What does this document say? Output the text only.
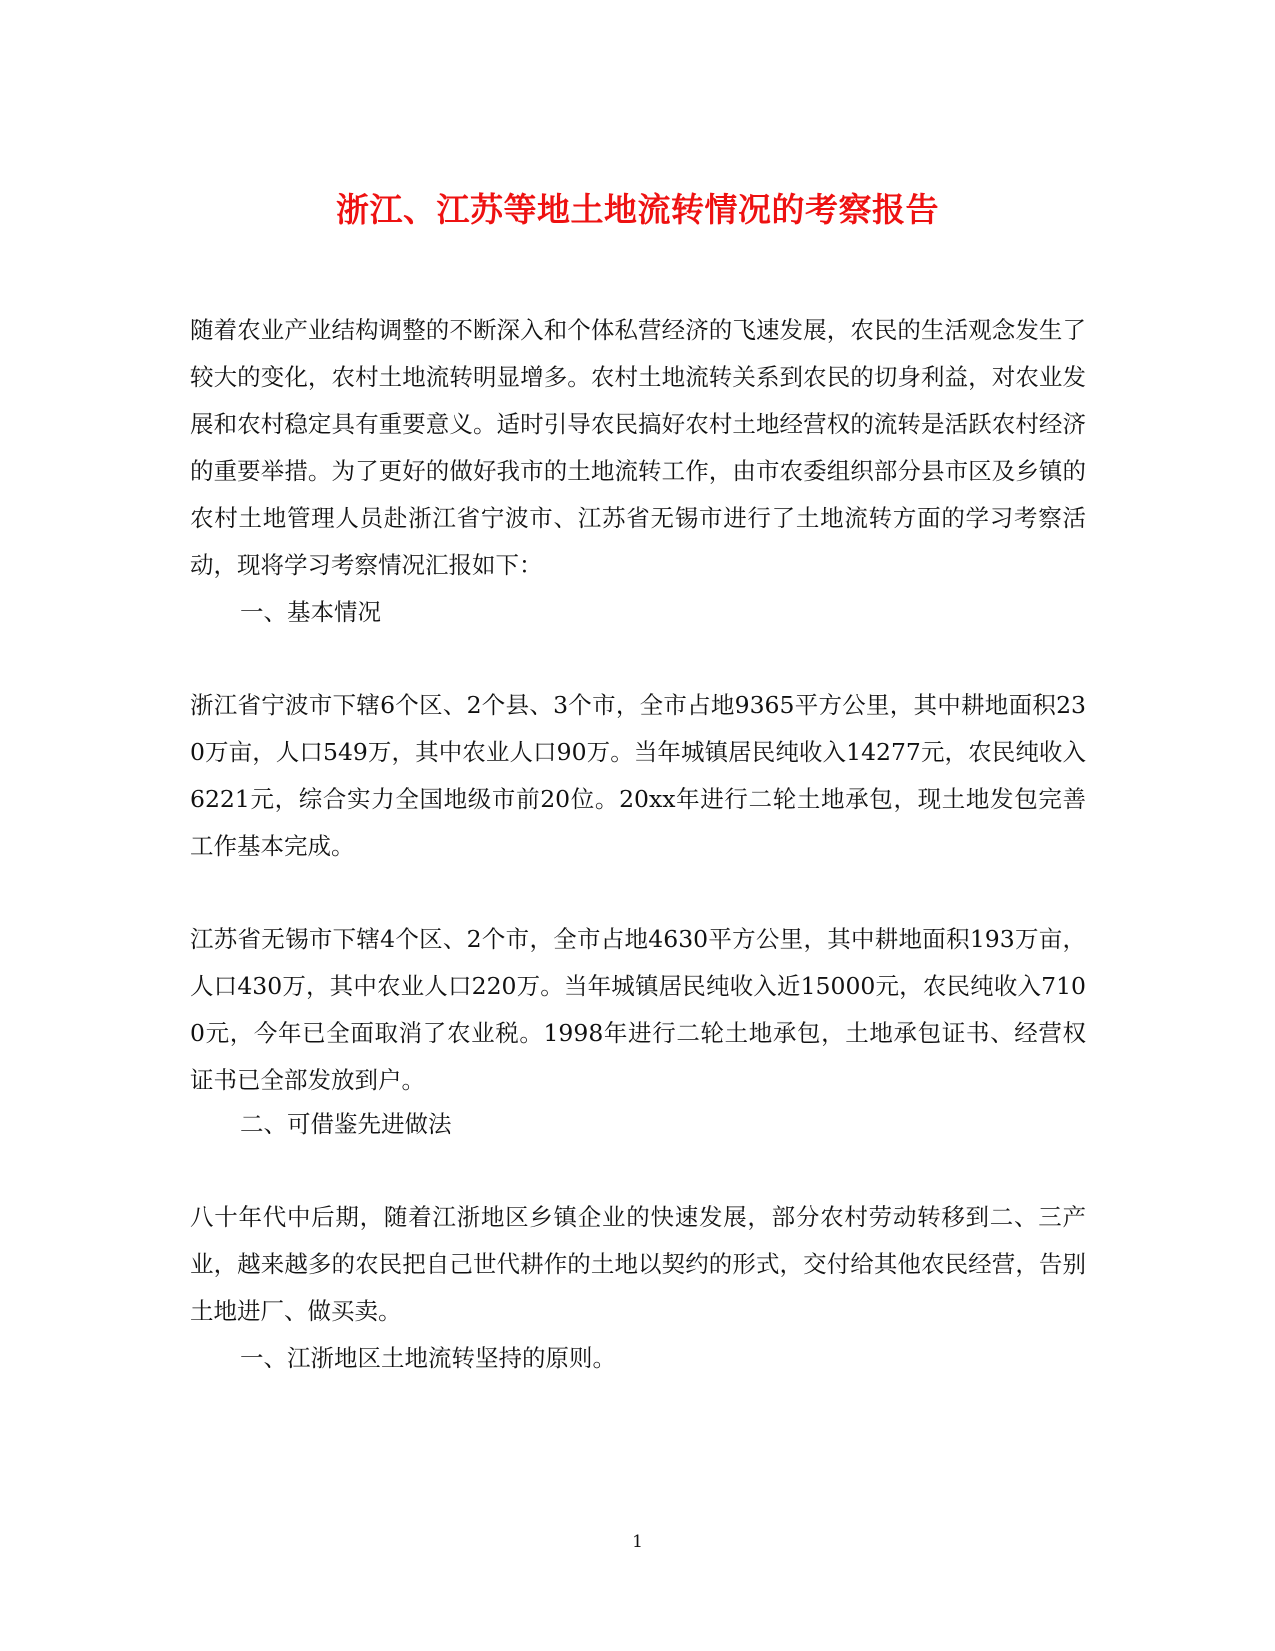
浙江、江苏等地土地流转情况的考察报告

随着农业产业结构调整的不断深入和个体私营经济的飞速发展，农民的生活观念发生了较大的变化，农村土地流转明显增多。农村土地流转关系到农民的切身利益，对农业发展和农村稳定具有重要意义。适时引导农民搞好农村土地经营权的流转是活跃农村经济的重要举措。为了更好的做好我市的土地流转工作，由市农委组织部分县市区及乡镇的农村土地管理人员赴浙江省宁波市、江苏省无锡市进行了土地流转方面的学习考察活动，现将学习考察情况汇报如下：

一、基本情况

浙江省宁波市下辖6个区、2个县、3个市，全市占地9365平方公里，其中耕地面积230万亩，人口549万，其中农业人口90万。当年城镇居民纯收入14277元，农民纯收入6221元，综合实力全国地级市前20位。20xx年进行二轮土地承包，现土地发包完善工作基本完成。

江苏省无锡市下辖4个区、2个市，全市占地4630平方公里，其中耕地面积193万亩，人口430万，其中农业人口220万。当年城镇居民纯收入近15000元，农民纯收入7100元，今年已全面取消了农业税。1998年进行二轮土地承包，土地承包证书、经营权证书已全部发放到户。

二、可借鉴先进做法

八十年代中后期，随着江浙地区乡镇企业的快速发展，部分农村劳动转移到二、三产业，越来越多的农民把自己世代耕作的土地以契约的形式，交付给其他农民经营，告别土地进厂、做买卖。

一、江浙地区土地流转坚持的原则。

1
